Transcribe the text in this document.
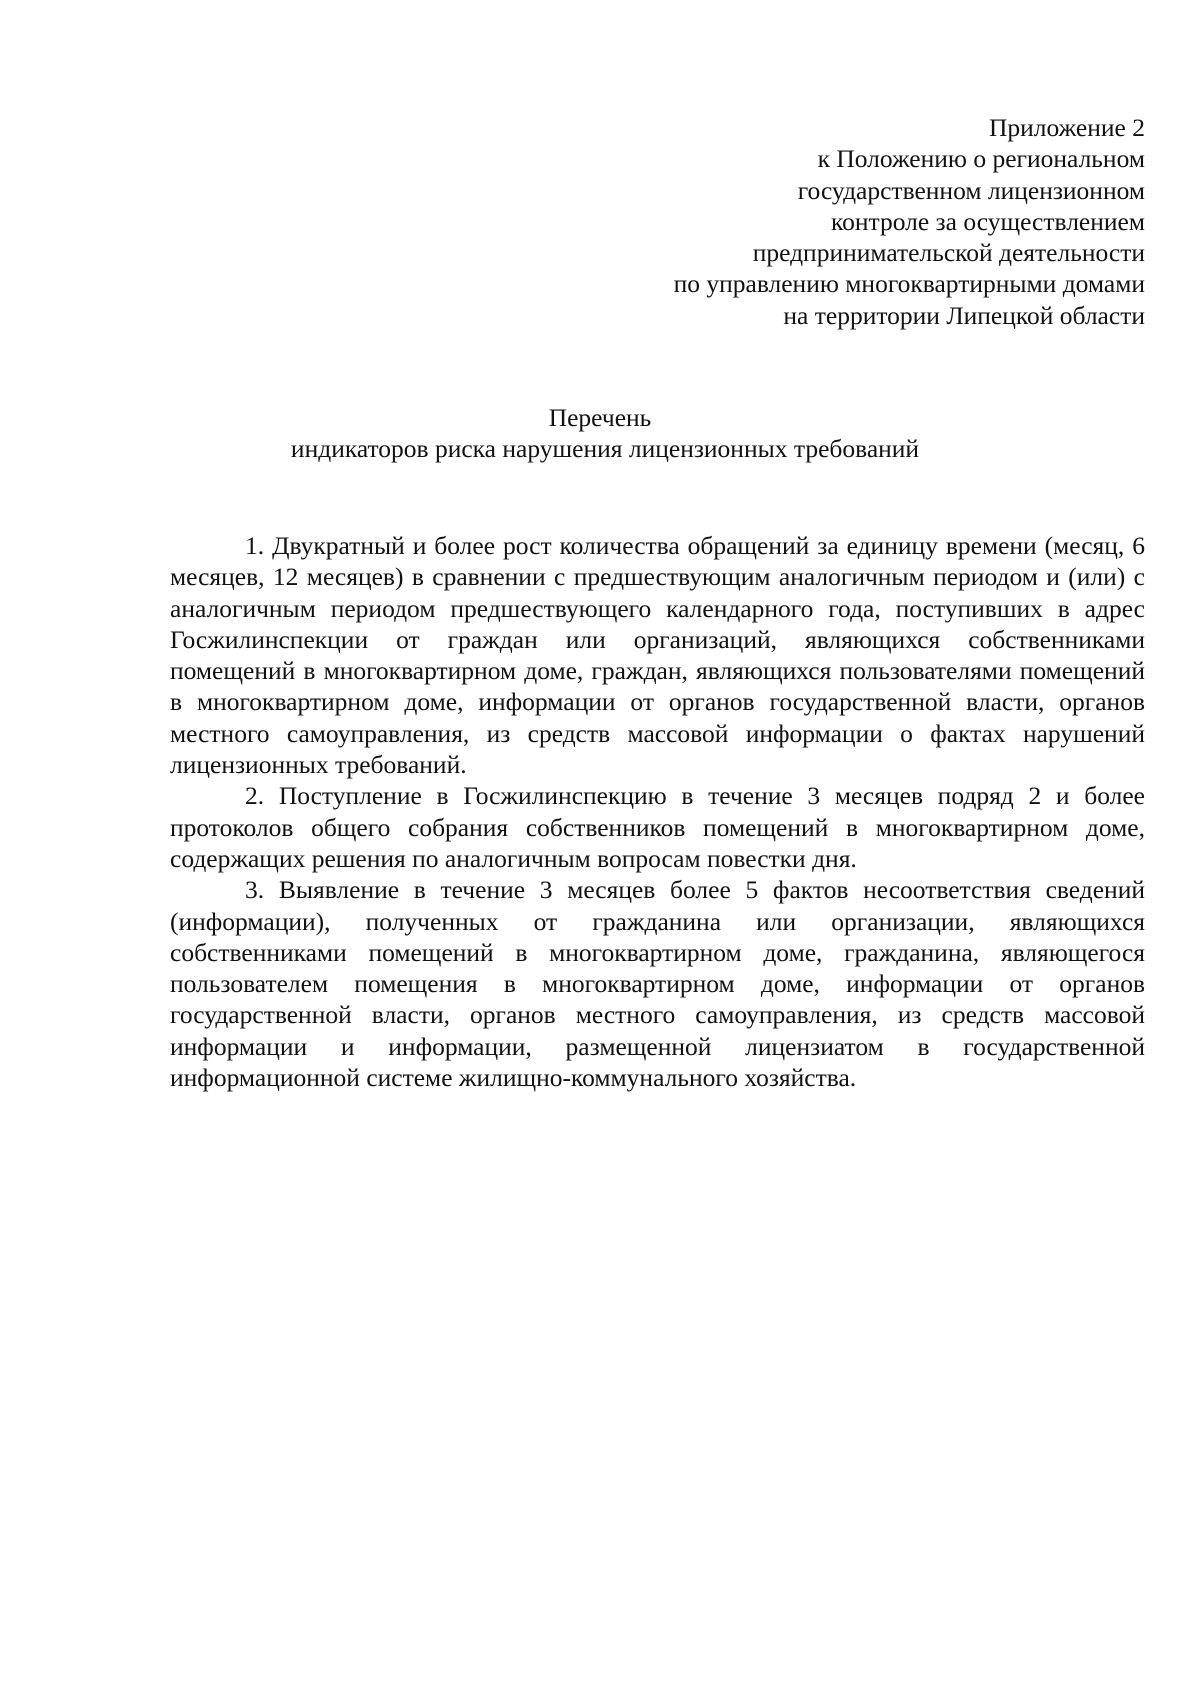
Приложение 2
к Положению о региональном
государственном лицензионном
контроле за осуществлением
предпринимательской деятельности
по управлению многоквартирными домами
на территории Липецкой области
Перечень
индикаторов риска нарушения лицензионных требований

1. Двукратный и более рост количества обращений за единицу времени (месяц, 6 месяцев, 12 месяцев) в сравнении с предшествующим аналогичным периодом и (или) с аналогичным периодом предшествующего календарного года, поступивших в адрес Госжилинспекции от граждан или организаций, являющихся собственниками помещений в многоквартирном доме, граждан, являющихся пользователями помещений в многоквартирном доме, информации от органов государственной власти, органов местного самоуправления, из средств массовой информации о фактах нарушений лицензионных требований.

2. Поступление в Госжилинспекцию в течение 3 месяцев подряд 2 и более протоколов общего собрания собственников помещений в многоквартирном доме, содержащих решения по аналогичным вопросам повестки дня.

3. Выявление в течение 3 месяцев более 5 фактов несоответствия сведений (информации), полученных от гражданина или организации, являющихся собственниками помещений в многоквартирном доме, гражданина, являющегося пользователем помещения в многоквартирном доме, информации от органов государственной власти, органов местного самоуправления, из средств массовой информации и информации, размещенной лицензиатом в государственной информационной системе жилищно-коммунального хозяйства.
